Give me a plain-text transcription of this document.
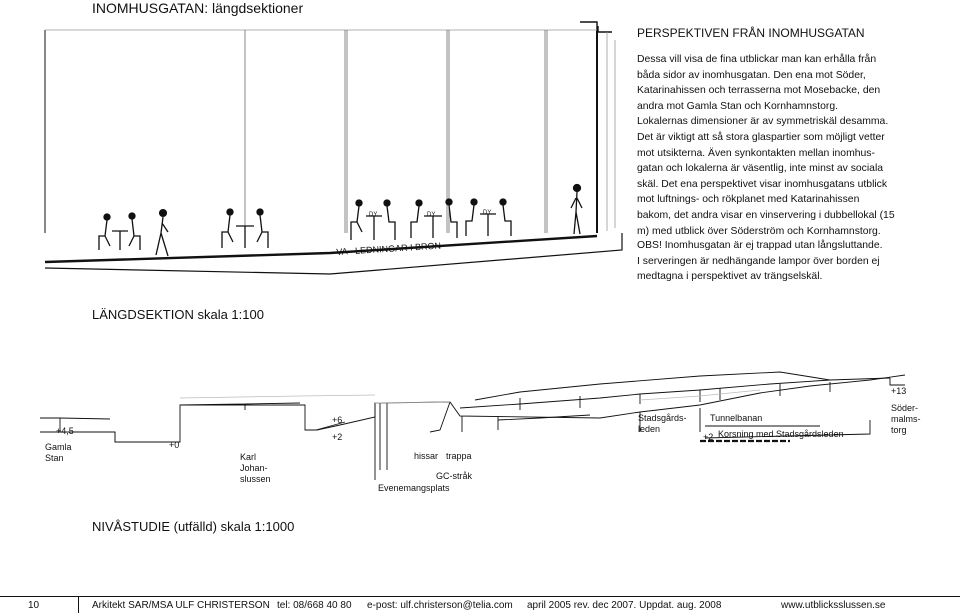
INOMHUSGATAN: längdsektioner
DY	DY	DY
PERSPEKTIVEN FRÅN INOMHUSGATAN
Dessa vill visa de fina utblickar man kan erhålla från
båda sidor av inomhusgatan. Den ena mot Söder,
Katarinahissen och terrasserna mot Mosebacke, den
andra mot Gamla Stan och Kornhamnstorg.
Lokalernas dimensioner är av symmetriskäl desamma.
Det är viktigt att så stora glaspartier som möjligt vetter
mot utsikterna. Även synkontakten mellan inomhus-
gatan och lokalerna är väsentlig, inte minst av sociala
skäl. Det ena perspektivet visar inomhusgatans utblick
mot luftnings- och rökplanet med Katarinahissen
bakom, det andra visar en vinservering i dubbellokal (15
m) med utblick över Söderström och Kornhamnstorg.
OBS! Inomhusgatan är ej trappad utan långsluttande.
I serveringen är nedhängande lampor över borden ej
medtagna i perspektivet av trängselskäl.
VA - LEDNINGAR I BRON
LÄNGDSEKTION skala 1:100
+4,5
Gamla
Stan
+0
Karl
Johan-
slussen
+6
+2
hissar trappa
GC-stråk
Evenemangsplats
Stadsgårds-
leden
Tunnelbanan
+2 Korsning med Stadsgårdsleden
+13
Söder-
malms-
torg
NIVÅSTUDIE (utfälld) skala 1:1000
10	Arkitekt SAR/MSA ULF CHRISTERSON tel: 08/668 40 80 e-post: ulf.christerson@telia.com april 2005 rev. dec 2007. Uppdat. aug. 2008	www.utblicksslussen.se
